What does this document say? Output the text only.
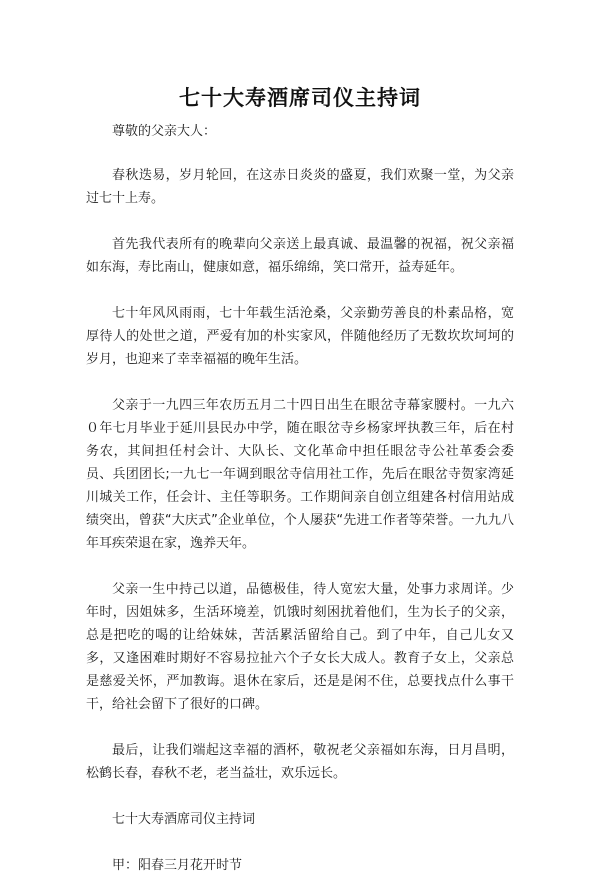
七十大寿酒席司仪主持词

尊敬的父亲大人：

春秋迭易，岁月轮回，在这赤日炎炎的盛夏，我们欢聚一堂，为父亲过七十上寿。

首先我代表所有的晚辈向父亲送上最真诚、最温馨的祝福，祝父亲福如东海，寿比南山，健康如意，福乐绵绵，笑口常开，益寿延年。

七十年风风雨雨，七十年载生活沧桑，父亲勤劳善良的朴素品格，宽厚待人的处世之道，严爱有加的朴实家风，伴随他经历了无数坎坎坷坷的岁月，也迎来了幸幸福福的晚年生活。

父亲于一九四三年农历五月二十四日出生在眼岔寺幕家腰村。一九六０年七月毕业于延川县民办中学，随在眼岔寺乡杨家坪执教三年，后在村务农，其间担任村会计、大队长、文化革命中担任眼岔寺公社革委会委员、兵团团长;一九七一年调到眼岔寺信用社工作，先后在眼岔寺贺家湾延川城关工作，任会计、主任等职务。工作期间亲自创立组建各村信用站成绩突出，曾获“大庆式”企业单位，个人屡获“先进工作者等荣誉。一九九八年耳疾荣退在家，逸养天年。

父亲一生中持己以道，品德极佳，待人宽宏大量，处事力求周详。少年时，因姐妹多，生活环境差，饥饿时刻困扰着他们，生为长子的父亲，总是把吃的喝的让给妹妹，苦活累活留给自己。到了中年，自己儿女又多，又逢困难时期好不容易拉扯六个子女长大成人。教育子女上，父亲总是慈爱关怀，严加教诲。退休在家后，还是是闲不住，总要找点什么事干干，给社会留下了很好的口碑。

最后，让我们端起这幸福的酒杯，敬祝老父亲福如东海，日月昌明，松鹤长春，春秋不老，老当益壮，欢乐远长。

七十大寿酒席司仪主持词

甲：阳春三月花开时节
